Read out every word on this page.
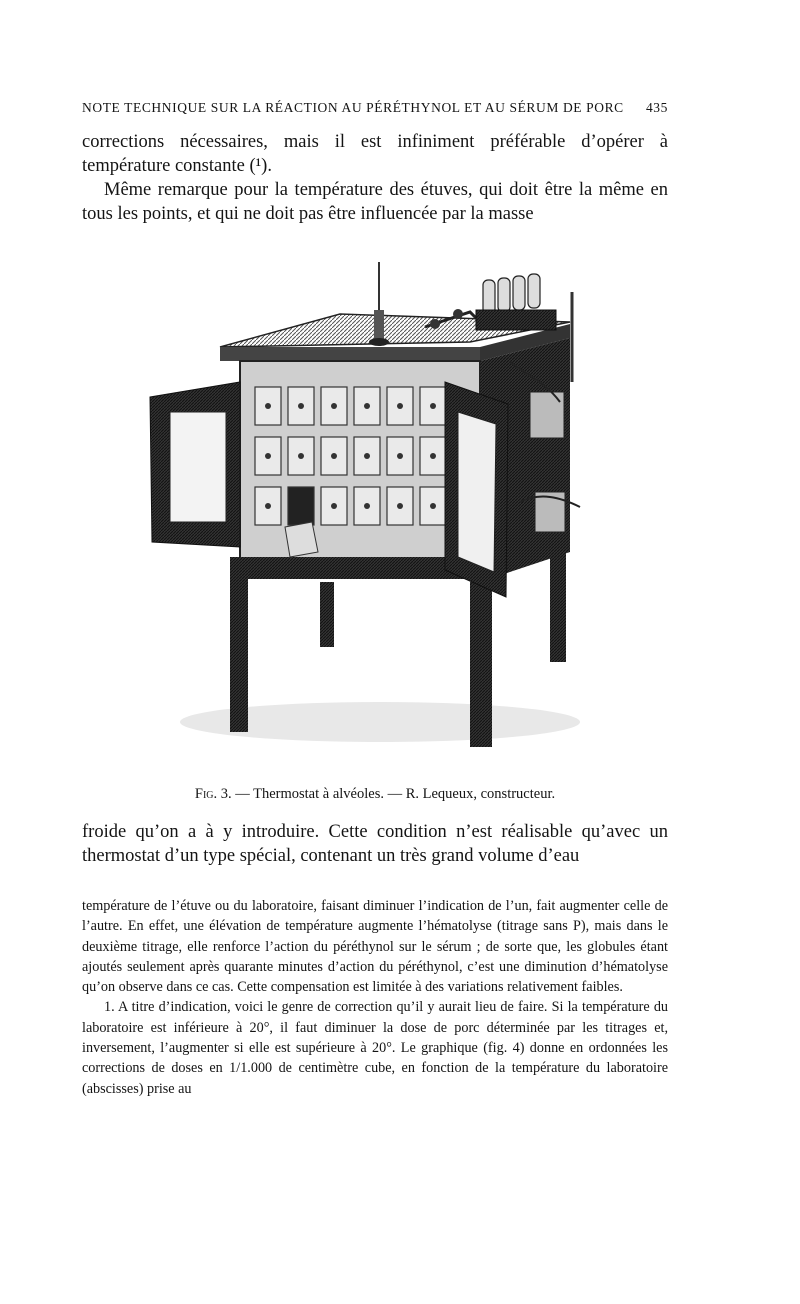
NOTE TECHNIQUE SUR LA RÉACTION AU PÉRÉTHYNOL ET AU SÉRUM DE PORC 435

corrections nécessaires, mais il est infiniment préférable d’opérer à température constante (¹).

Même remarque pour la température des étuves, qui doit être la même en tous les points, et qui ne doit pas être influencée par la masse

Fig. 3. — Thermostat à alvéoles. — R. Lequeux, constructeur.

froide qu’on a à y introduire. Cette condition n’est réalisable qu’avec un thermostat d’un type spécial, contenant un très grand volume d’eau

température de l’étuve ou du laboratoire, faisant diminuer l’indication de l’un, fait augmenter celle de l’autre. En effet, une élévation de température augmente l’hématolyse (titrage sans P), mais dans le deuxième titrage, elle renforce l’action du péréthynol sur le sérum ; de sorte que, les globules étant ajoutés seulement après quarante minutes d’action du péréthynol, c’est une diminution d’hématolyse qu’on observe dans ce cas. Cette compensation est limitée à des variations relativement faibles.

1. A titre d’indication, voici le genre de correction qu’il y aurait lieu de faire. Si la température du laboratoire est inférieure à 20°, il faut diminuer la dose de porc déterminée par les titrages et, inversement, l’augmenter si elle est supérieure à 20°. Le graphique (fig. 4) donne en ordonnées les corrections de doses en 1/1.000 de centimètre cube, en fonction de la température du laboratoire (abscisses) prise au
